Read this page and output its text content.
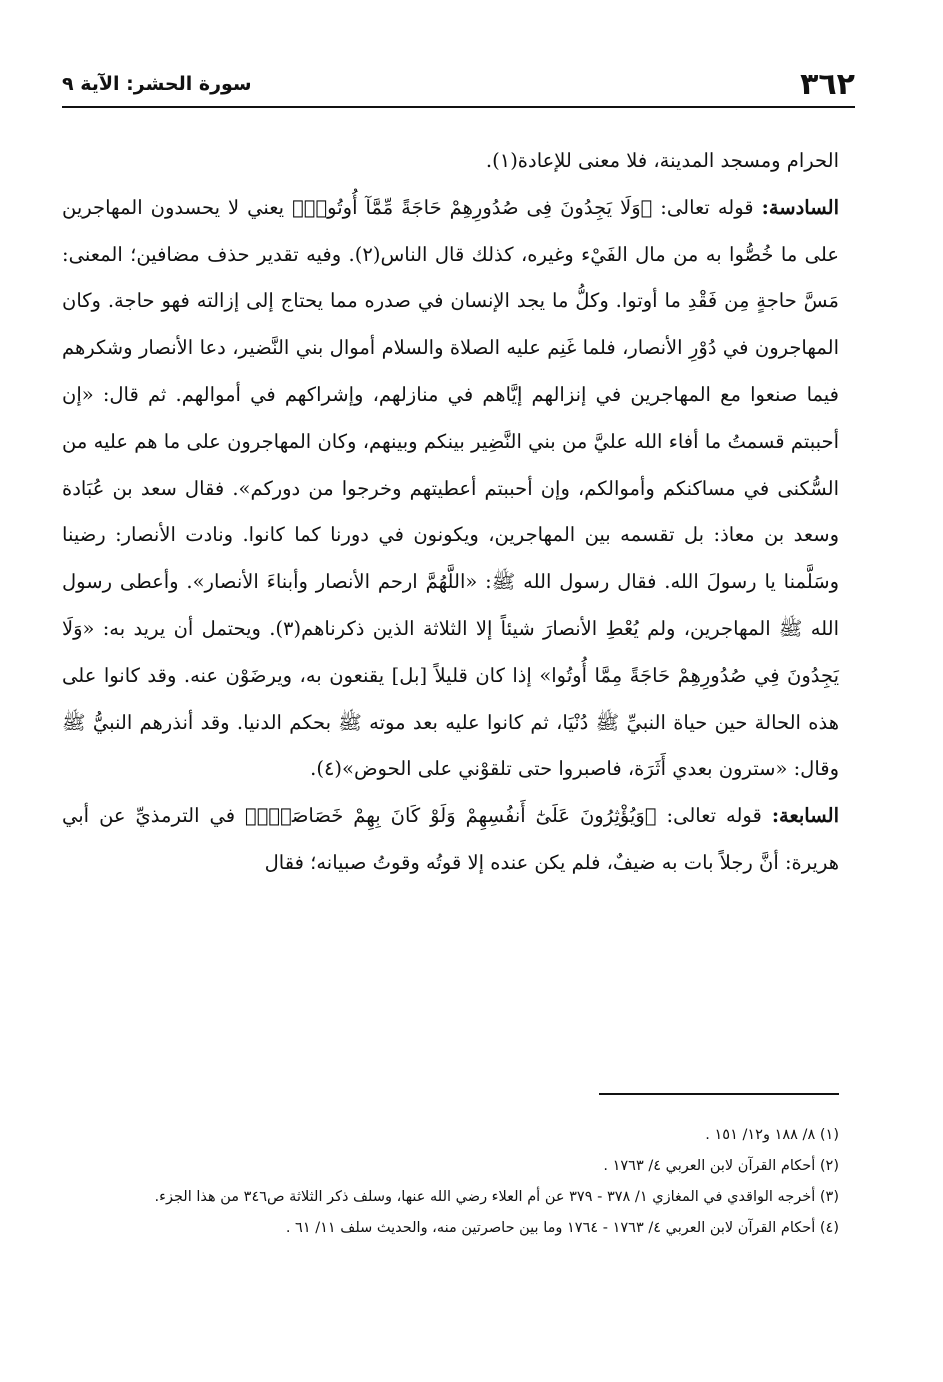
٣٦٢
سورة الحشر: الآية ٩

الحرام ومسجد المدينة، فلا معنى للإعادة(١).

السادسة: قوله تعالى: ﴿وَلَا يَجِدُونَ فِى صُدُورِهِمْ حَاجَةً مِّمَّآ أُوتُوا۟﴾ يعني لا يحسدون المهاجرين على ما خُصُّوا به من مال الفَيْء وغيره، كذلك قال الناس(٢). وفيه تقدير حذف مضافين؛ المعنى: مَسَّ حاجةٍ مِن فَقْدِ ما أوتوا. وكلُّ ما يجد الإنسان في صدره مما يحتاج إلى إزالته فهو حاجة. وكان المهاجرون في دُوْرِ الأنصار، فلما غَنِم عليه الصلاة والسلام أموال بني النَّضير، دعا الأنصار وشكرهم فيما صنعوا مع المهاجرين في إنزالهم إيَّاهم في منازلهم، وإشراكهم في أموالهم. ثم قال: «إن أحببتم قسمتُ ما أفاء الله عليَّ من بني النَّضِير بينكم وبينهم، وكان المهاجرون على ما هم عليه من السُّكنى في مساكنكم وأموالكم، وإن أحببتم أعطيتهم وخرجوا من دوركم». فقال سعد بن عُبَادة وسعد بن معاذ: بل تقسمه بين المهاجرين، ويكونون في دورنا كما كانوا. ونادت الأنصار: رضينا وسَلَّمنا يا رسولَ الله. فقال رسول الله ﷺ: «اللَّهُمَّ ارحم الأنصار وأبناءَ الأنصار». وأعطى رسول الله ﷺ المهاجرين، ولم يُعْطِ الأنصارَ شيئاً إلا الثلاثة الذين ذكرناهم(٣). ويحتمل أن يريد به: «وَلَا يَجِدُونَ فِي صُدُورِهِمْ حَاجَةً مِمَّا أُوتُوا» إذا كان قليلاً [بل] يقنعون به، ويرضَوْن عنه. وقد كانوا على هذه الحالة حين حياة النبيِّ ﷺ دُنْيَا، ثم كانوا عليه بعد موته ﷺ بحكم الدنيا. وقد أنذرهم النبيُّ ﷺ وقال: «سترون بعدي أَثَرَة، فاصبروا حتى تلقوْني على الحوض»(٤).

السابعة: قوله تعالى: ﴿وَيُؤْثِرُونَ عَلَىٰٓ أَنفُسِهِمْ وَلَوْ كَانَ بِهِمْ خَصَاصَةٌۚ﴾ في الترمذيِّ عن أبي هريرة: أنَّ رجلاً بات به ضيفٌ، فلم يكن عنده إلا قوتُه وقوتُ صبيانه؛ فقال

(١) ٨/ ١٨٨ و١٢/ ١٥١ .

(٢) أحكام القرآن لابن العربي ٤/ ١٧٦٣ .

(٣) أخرجه الواقدي في المغازي ١/ ٣٧٨ - ٣٧٩ عن أم العلاء رضي الله عنها، وسلف ذكر الثلاثة ص٣٤٦ من هذا الجزء.

(٤) أحكام القرآن لابن العربي ٤/ ١٧٦٣ - ١٧٦٤ وما بين حاصرتين منه، والحديث سلف ١١/ ٦١ .
